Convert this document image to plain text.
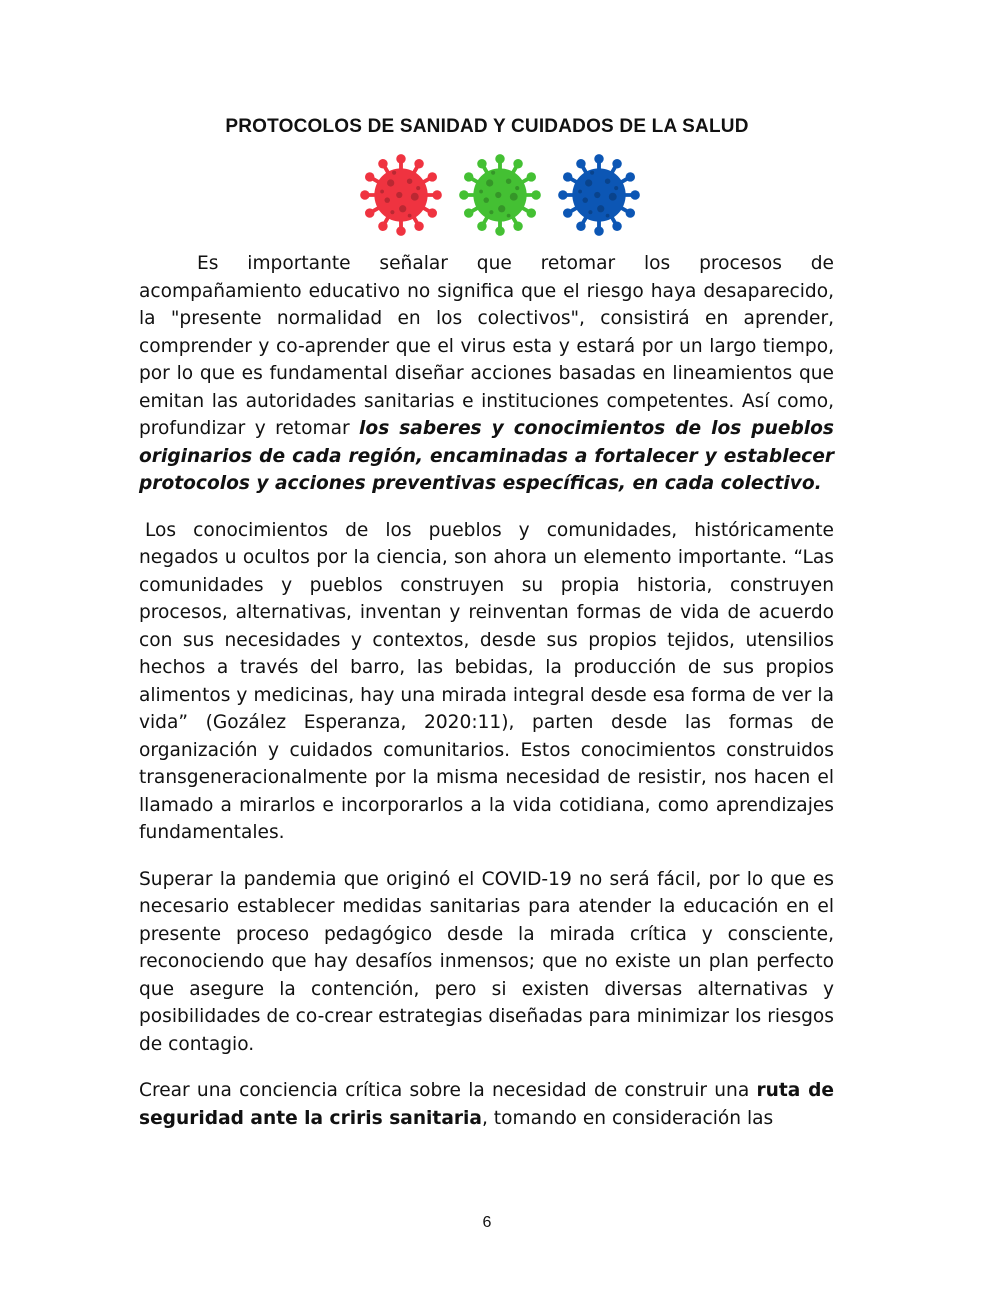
PROTOCOLOS DE SANIDAD Y CUIDADOS DE LA SALUD

Es importante señalar que retomar los procesos de acompañamiento educativo no significa que el riesgo haya desaparecido, la "presente normalidad en los colectivos", consistirá en aprender, comprender y co-aprender que el virus esta y estará por un largo tiempo, por lo que es fundamental diseñar acciones basadas en lineamientos que emitan las autoridades sanitarias e instituciones competentes. Así como, profundizar y retomar los saberes y conocimientos de los pueblos originarios de cada región, encaminadas a fortalecer y establecer protocolos y acciones preventivas específicas, en cada colectivo.

Los conocimientos de los pueblos y comunidades, históricamente negados u ocultos por la ciencia, son ahora un elemento importante. “Las comunidades y pueblos construyen su propia historia, construyen procesos, alternativas, inventan y reinventan formas de vida de acuerdo con sus necesidades y contextos, desde sus propios tejidos, utensilios hechos a través del barro, las bebidas, la producción de sus propios alimentos y medicinas, hay una mirada integral desde esa forma de ver la vida” (Gozález Esperanza, 2020:11), parten desde las formas de organización y cuidados comunitarios. Estos conocimientos construidos transgeneracionalmente por la misma necesidad de resistir, nos hacen el llamado a mirarlos e incorporarlos a la vida cotidiana, como aprendizajes fundamentales.

Superar la pandemia que originó el COVID-19 no será fácil, por lo que es necesario establecer medidas sanitarias para atender la educación en el presente proceso pedagógico desde la mirada crítica y consciente, reconociendo que hay desafíos inmensos; que no existe un plan perfecto que asegure la contención, pero si existen diversas alternativas y posibilidades de co-crear estrategias diseñadas para minimizar los riesgos de contagio.

Crear una conciencia crítica sobre la necesidad de construir una ruta de seguridad ante la criris sanitaria, tomando en consideración las

6
